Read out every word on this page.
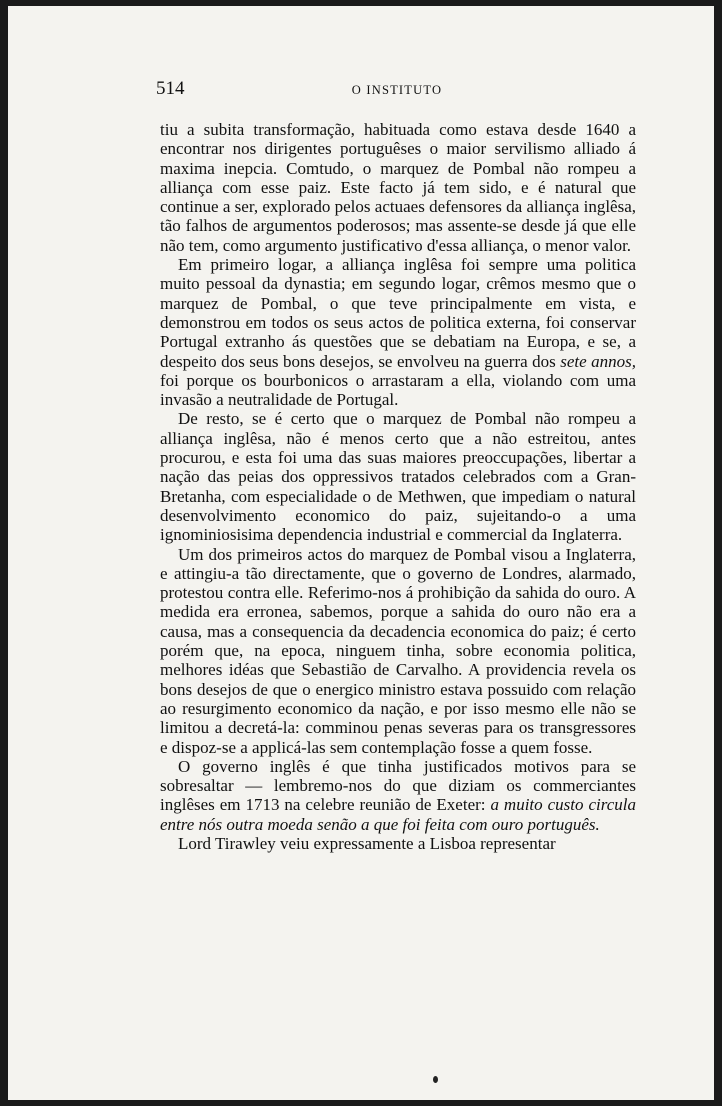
514	O INSTITUTO

tiu a subita transformação, habituada como estava desde 1640 a encontrar nos dirigentes portuguêses o maior servilismo alliado á maxima inepcia. Comtudo, o marquez de Pombal não rompeu a alliança com esse paiz. Este facto já tem sido, e é natural que continue a ser, explorado pelos actuaes defensores da alliança inglêsa, tão falhos de argumentos poderosos; mas assente-se desde já que elle não tem, como argumento justificativo d'essa alliança, o menor valor.

Em primeiro logar, a alliança inglêsa foi sempre uma politica muito pessoal da dynastia; em segundo logar, crêmos mesmo que o marquez de Pombal, o que teve principalmente em vista, e demonstrou em todos os seus actos de politica externa, foi conservar Portugal extranho ás questões que se debatiam na Europa, e se, a despeito dos seus bons desejos, se envolveu na guerra dos sete annos, foi porque os bourbonicos o arrastaram a ella, violando com uma invasão a neutralidade de Portugal.

De resto, se é certo que o marquez de Pombal não rompeu a alliança inglêsa, não é menos certo que a não estreitou, antes procurou, e esta foi uma das suas maiores preoccupações, libertar a nação das peias dos oppressivos tratados celebrados com a Gran-Bretanha, com especialidade o de Methwen, que impediam o natural desenvolvimento economico do paiz, sujeitando-o a uma ignominiosisima dependencia industrial e commercial da Inglaterra.

Um dos primeiros actos do marquez de Pombal visou a Inglaterra, e attingiu-a tão directamente, que o governo de Londres, alarmado, protestou contra elle. Referimo-nos á prohibição da sahida do ouro. A medida era erronea, sabemos, porque a sahida do ouro não era a causa, mas a consequencia da decadencia economica do paiz; é certo porém que, na epoca, ninguem tinha, sobre economia politica, melhores idéas que Sebastião de Carvalho. A providencia revela os bons desejos de que o energico ministro estava possuido com relação ao resurgimento economico da nação, e por isso mesmo elle não se limitou a decretá-la: comminou penas severas para os transgressores e dispoz-se a applicá-las sem contemplação fosse a quem fosse.

O governo inglês é que tinha justificados motivos para se sobresaltar — lembremo-nos do que diziam os commerciantes inglêses em 1713 na celebre reunião de Exeter: a muito custo circula entre nós outra moeda senão a que foi feita com ouro português.

Lord Tirawley veiu expressamente a Lisboa representar
